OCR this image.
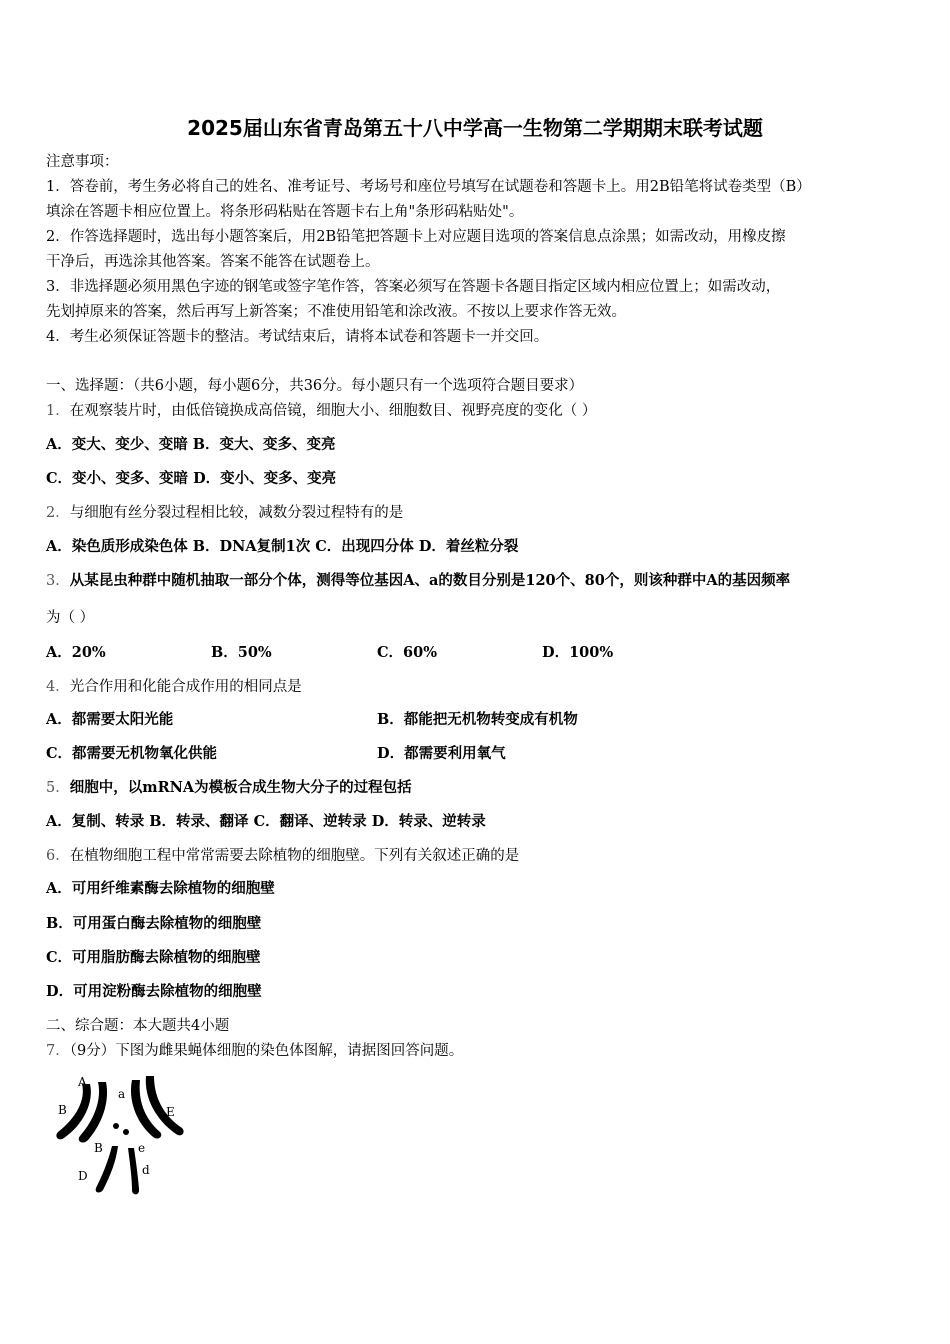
2025届山东省青岛第五十八中学高一生物第二学期期末联考试题
注意事项：
1．答卷前，考生务必将自己的姓名、准考证号、考场号和座位号填写在试题卷和答题卡上。用2B铅笔将试卷类型（B）
填涂在答题卡相应位置上。将条形码粘贴在答题卡右上角"条形码粘贴处"。
2．作答选择题时，选出每小题答案后，用2B铅笔把答题卡上对应题目选项的答案信息点涂黑；如需改动，用橡皮擦
干净后，再选涂其他答案。答案不能答在试题卷上。
3．非选择题必须用黑色字迹的钢笔或签字笔作答，答案必须写在答题卡各题目指定区域内相应位置上；如需改动，
先划掉原来的答案，然后再写上新答案；不准使用铅笔和涂改液。不按以上要求作答无效。
4．考生必须保证答题卡的整洁。考试结束后，请将本试卷和答题卡一并交回。
一、选择题：（共6小题，每小题6分，共36分。每小题只有一个选项符合题目要求）
1．在观察装片时，由低倍镜换成高倍镜，细胞大小、细胞数目、视野亮度的变化（ ）
A．变大、变少、变暗 B．变大、变多、变亮
C．变小、变多、变暗 D．变小、变多、变亮
2．与细胞有丝分裂过程相比较，减数分裂过程特有的是
A．染色质形成染色体 B．DNA复制1次 C．出现四分体 D．着丝粒分裂
3．从某昆虫种群中随机抽取一部分个体，测得等位基因A、a的数目分别是120个、80个，则该种群中A的基因频率
为（ ）
A．20%	B．50%	C．60%	D．100%
4．光合作用和化能合成作用的相同点是
A．都需要太阳光能	B．都能把无机物转变成有机物
C．都需要无机物氧化供能	D．都需要利用氧气
5．细胞中，以mRNA为模板合成生物大分子的过程包括
A．复制、转录 B．转录、翻译 C．翻译、逆转录 D．转录、逆转录
6．在植物细胞工程中常常需要去除植物的细胞壁。下列有关叙述正确的是
A．可用纤维素酶去除植物的细胞壁
B．可用蛋白酶去除植物的细胞壁
C．可用脂肪酶去除植物的细胞壁
D．可用淀粉酶去除植物的细胞壁
二、综合题：本大题共4小题
7．（9分）下图为雌果蝇体细胞的染色体图解，请据图回答问题。
A
a
B	E
B	e
D	d
